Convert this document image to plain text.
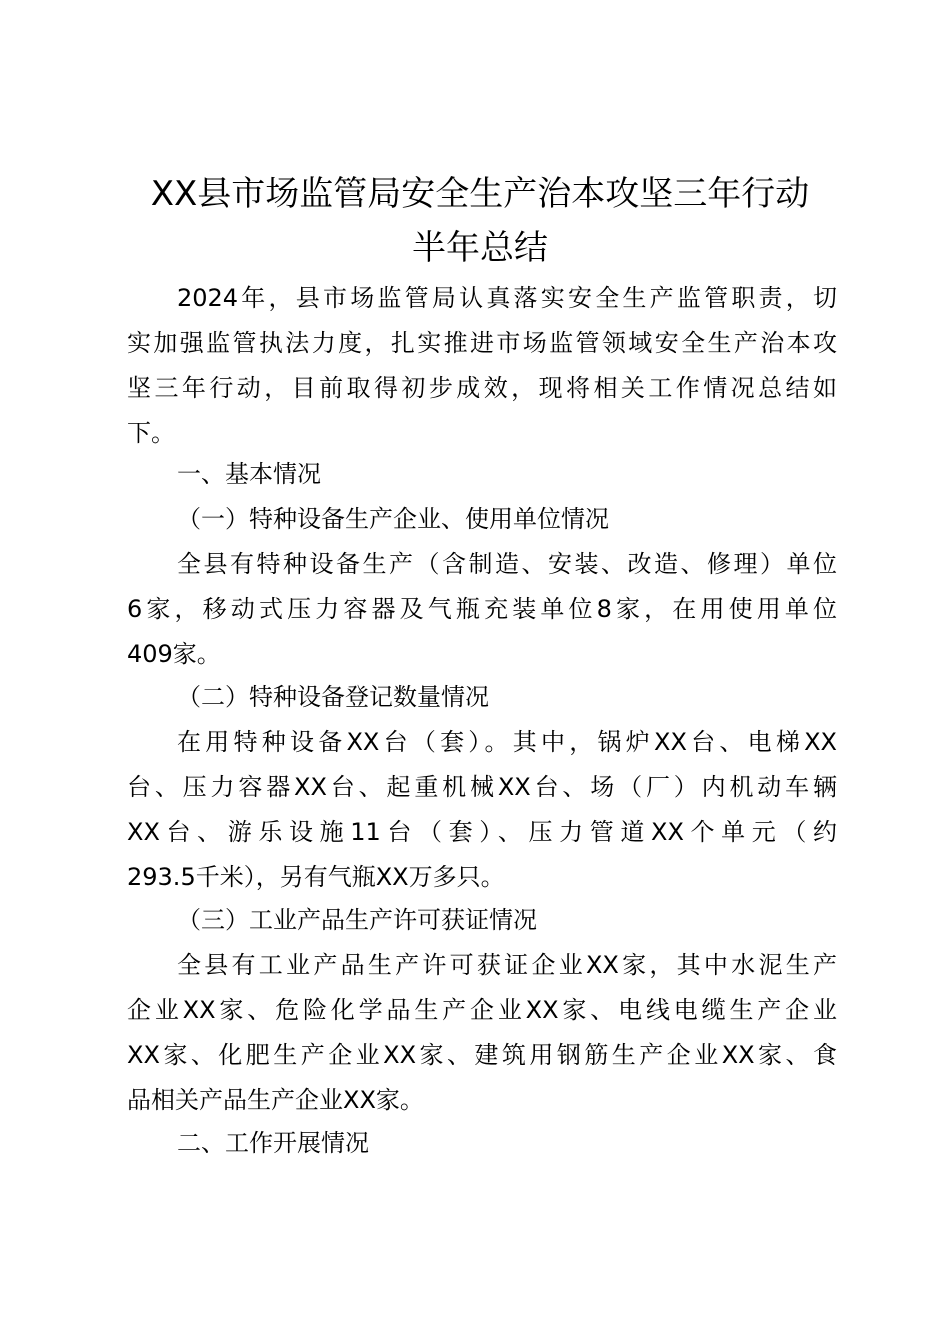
XX县市场监管局安全生产治本攻坚三年行动
半年总结

2024年，县市场监管局认真落实安全生产监管职责，切
实加强监管执法力度，扎实推进市场监管领域安全生产治本攻
坚三年行动，目前取得初步成效，现将相关工作情况总结如
下。

一、基本情况

（一）特种设备生产企业、使用单位情况

全县有特种设备生产（含制造、安装、改造、修理）单位
6家，移动式压力容器及气瓶充装单位8家，在用使用单位
409家。

（二）特种设备登记数量情况

在用特种设备XX台（套）。其中，锅炉XX台、电梯XX
台、压力容器XX台、起重机械XX台、场（厂）内机动车辆
XX台、游乐设施11台（套）、压力管道XX个单元（约
293.5千米），另有气瓶XX万多只。

（三）工业产品生产许可获证情况

全县有工业产品生产许可获证企业XX家，其中水泥生产
企业XX家、危险化学品生产企业XX家、电线电缆生产企业
XX家、化肥生产企业XX家、建筑用钢筋生产企业XX家、食
品相关产品生产企业XX家。

二、工作开展情况
